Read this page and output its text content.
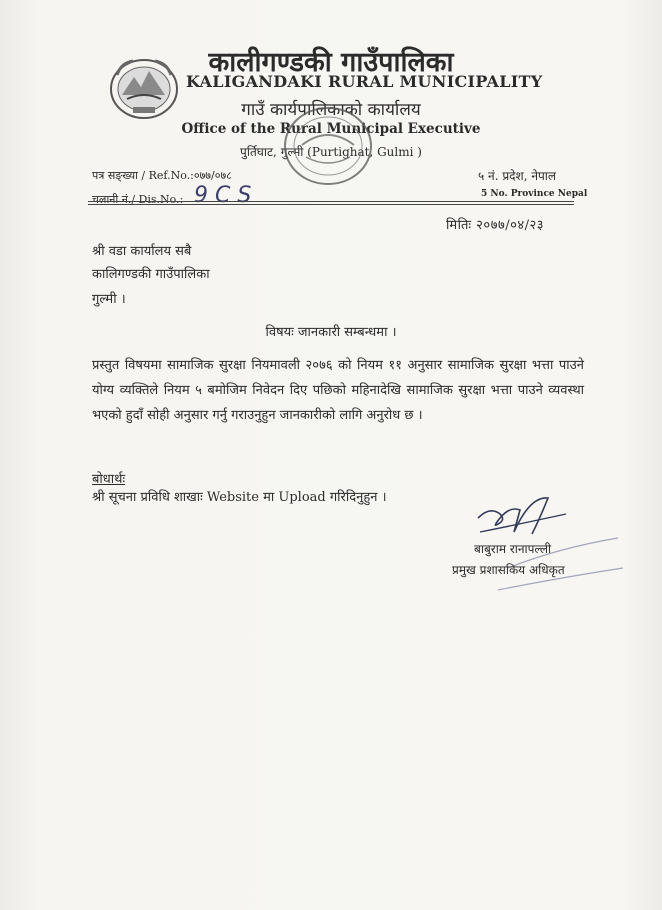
कालीगण्डकी गाउँपालिका
KALIGANDAKI RURAL MUNICIPALITY
गाउँ कार्यपालिकाको कार्यालय
Office of the Rural Municipal Executive
पुर्तिघाट, गुल्मी (Purtighat, Gulmi )
पत्र सङ्ख्या / Ref.No.:०७७/०७८
चलानी नं./ Dis.No.: 9 C S
५ नं. प्रदेश, नेपाल
5 No. Province Nepal
मितिः २०७७/०४/२३
श्री वडा कार्यालय सबै
कालिगण्डकी गाउँपालिका
गुल्मी ।
विषयः जानकारी सम्बन्धमा ।
प्रस्तुत विषयमा सामाजिक सुरक्षा नियमावली २०७६ को नियम ११ अनुसार सामाजिक सुरक्षा भत्ता पाउने योग्य व्यक्तिले नियम ५ बमोजिम निवेदन दिए पछिको महिनादेखि सामाजिक सुरक्षा भत्ता पाउने व्यवस्था भएको हुदाँ सोही अनुसार गर्नु गराउनुहुन जानकारीको लागि अनुरोध छ ।
बोधार्थः
श्री सूचना प्रविधि शाखाः Website मा Upload गरिदिनुहुन ।
बाबुराम रानापल्ली
प्रमुख प्रशासकिय अधिकृत
